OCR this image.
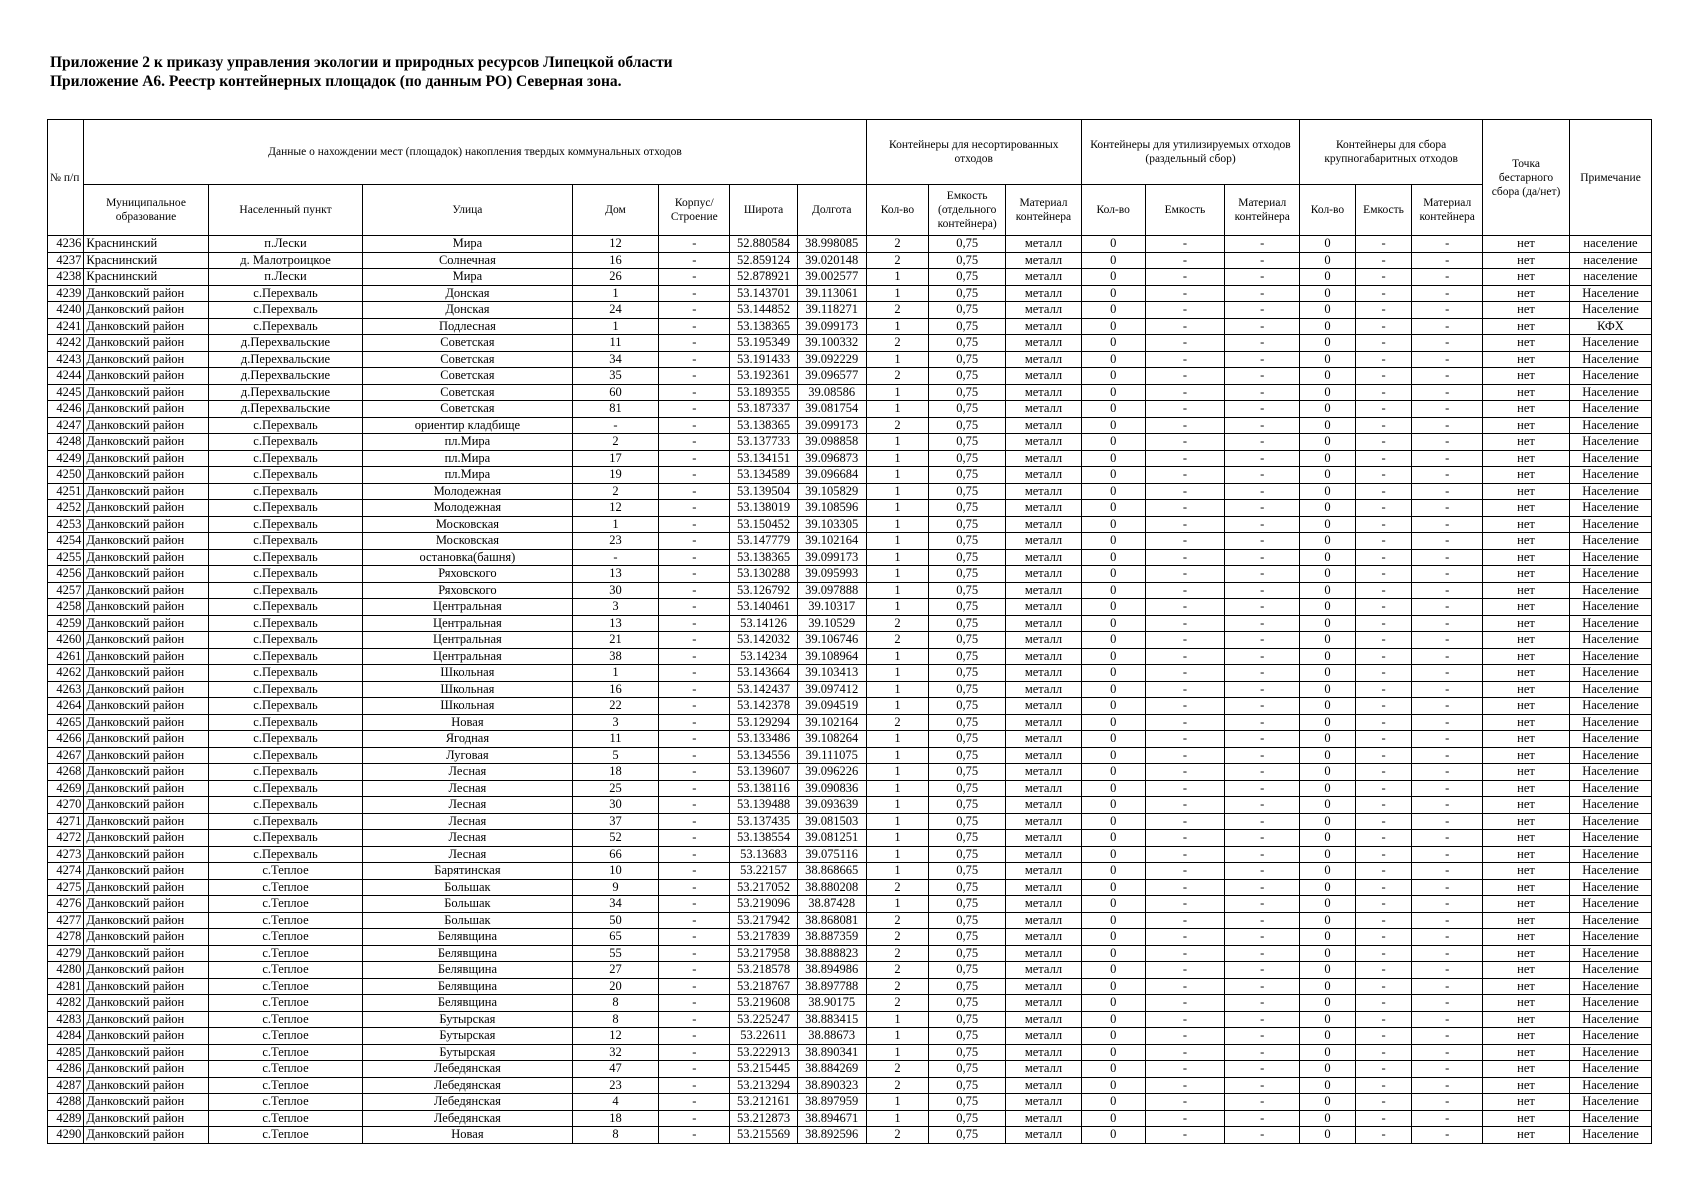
Приложение 2 к приказу управления экологии и природных ресурсов Липецкой области
Приложение А6. Реестр контейнерных площадок (по данным РО) Северная зона.
№ п/п	Данные о нахождении мест (площадок) накопления твердых коммунальных отходов							Контейнеры для несортированных отходов			Контейнеры для утилизируемых отходов (раздельный сбор)			Контейнеры для сбора крупногабаритных отходов			Точка бестарного сбора (да/нет)	Примечание
	Муниципальное образование	Населенный пункт	Улица	Дом	Корпус/ Строение	Широта	Долгота	Кол-во	Емкость (отдельного контейнера)	Материал контейнера	Кол-во	Емкость	Материал контейнера	Кол-во	Емкость	Материал контейнера		
4236	Краснинский	п.Лески	Мира	12	-	52.880584	38.998085	2	0,75	металл	0	-	-	0	-	-	нет	население
4237	Краснинский	д. Малотроицкое	Солнечная	16	-	52.859124	39.020148	2	0,75	металл	0	-	-	0	-	-	нет	население
4238	Краснинский	п.Лески	Мира	26	-	52.878921	39.002577	1	0,75	металл	0	-	-	0	-	-	нет	население
4239	Данковский район	с.Перехваль	Донская	1	-	53.143701	39.113061	1	0,75	металл	0	-	-	0	-	-	нет	Население
4240	Данковский район	с.Перехваль	Донская	24	-	53.144852	39.118271	2	0,75	металл	0	-	-	0	-	-	нет	Население
4241	Данковский район	с.Перехваль	Подлесная	1	-	53.138365	39.099173	1	0,75	металл	0	-	-	0	-	-	нет	КФХ
4242	Данковский район	д.Перехвальские	Советская	11	-	53.195349	39.100332	2	0,75	металл	0	-	-	0	-	-	нет	Население
4243	Данковский район	д.Перехвальские	Советская	34	-	53.191433	39.092229	1	0,75	металл	0	-	-	0	-	-	нет	Население
4244	Данковский район	д.Перехвальские	Советская	35	-	53.192361	39.096577	2	0,75	металл	0	-	-	0	-	-	нет	Население
4245	Данковский район	д.Перехвальские	Советская	60	-	53.189355	39.08586	1	0,75	металл	0	-	-	0	-	-	нет	Население
4246	Данковский район	д.Перехвальские	Советская	81	-	53.187337	39.081754	1	0,75	металл	0	-	-	0	-	-	нет	Население
4247	Данковский район	с.Перехваль	ориентир кладбище	-	-	53.138365	39.099173	2	0,75	металл	0	-	-	0	-	-	нет	Население
4248	Данковский район	с.Перехваль	пл.Мира	2	-	53.137733	39.098858	1	0,75	металл	0	-	-	0	-	-	нет	Население
4249	Данковский район	с.Перехваль	пл.Мира	17	-	53.134151	39.096873	1	0,75	металл	0	-	-	0	-	-	нет	Население
4250	Данковский район	с.Перехваль	пл.Мира	19	-	53.134589	39.096684	1	0,75	металл	0	-	-	0	-	-	нет	Население
4251	Данковский район	с.Перехваль	Молодежная	2	-	53.139504	39.105829	1	0,75	металл	0	-	-	0	-	-	нет	Население
4252	Данковский район	с.Перехваль	Молодежная	12	-	53.138019	39.108596	1	0,75	металл	0	-	-	0	-	-	нет	Население
4253	Данковский район	с.Перехваль	Московская	1	-	53.150452	39.103305	1	0,75	металл	0	-	-	0	-	-	нет	Население
4254	Данковский район	с.Перехваль	Московская	23	-	53.147779	39.102164	1	0,75	металл	0	-	-	0	-	-	нет	Население
4255	Данковский район	с.Перехваль	остановка(башня)	-	-	53.138365	39.099173	1	0,75	металл	0	-	-	0	-	-	нет	Население
4256	Данковский район	с.Перехваль	Ряховского	13	-	53.130288	39.095993	1	0,75	металл	0	-	-	0	-	-	нет	Население
4257	Данковский район	с.Перехваль	Ряховского	30	-	53.126792	39.097888	1	0,75	металл	0	-	-	0	-	-	нет	Население
4258	Данковский район	с.Перехваль	Центральная	3	-	53.140461	39.10317	1	0,75	металл	0	-	-	0	-	-	нет	Население
4259	Данковский район	с.Перехваль	Центральная	13	-	53.14126	39.10529	2	0,75	металл	0	-	-	0	-	-	нет	Население
4260	Данковский район	с.Перехваль	Центральная	21	-	53.142032	39.106746	2	0,75	металл	0	-	-	0	-	-	нет	Население
4261	Данковский район	с.Перехваль	Центральная	38	-	53.14234	39.108964	1	0,75	металл	0	-	-	0	-	-	нет	Население
4262	Данковский район	с.Перехваль	Школьная	1	-	53.143664	39.103413	1	0,75	металл	0	-	-	0	-	-	нет	Население
4263	Данковский район	с.Перехваль	Школьная	16	-	53.142437	39.097412	1	0,75	металл	0	-	-	0	-	-	нет	Население
4264	Данковский район	с.Перехваль	Школьная	22	-	53.142378	39.094519	1	0,75	металл	0	-	-	0	-	-	нет	Население
4265	Данковский район	с.Перехваль	Новая	3	-	53.129294	39.102164	2	0,75	металл	0	-	-	0	-	-	нет	Население
4266	Данковский район	с.Перехваль	Ягодная	11	-	53.133486	39.108264	1	0,75	металл	0	-	-	0	-	-	нет	Население
4267	Данковский район	с.Перехваль	Луговая	5	-	53.134556	39.111075	1	0,75	металл	0	-	-	0	-	-	нет	Население
4268	Данковский район	с.Перехваль	Лесная	18	-	53.139607	39.096226	1	0,75	металл	0	-	-	0	-	-	нет	Население
4269	Данковский район	с.Перехваль	Лесная	25	-	53.138116	39.090836	1	0,75	металл	0	-	-	0	-	-	нет	Население
4270	Данковский район	с.Перехваль	Лесная	30	-	53.139488	39.093639	1	0,75	металл	0	-	-	0	-	-	нет	Население
4271	Данковский район	с.Перехваль	Лесная	37	-	53.137435	39.081503	1	0,75	металл	0	-	-	0	-	-	нет	Население
4272	Данковский район	с.Перехваль	Лесная	52	-	53.138554	39.081251	1	0,75	металл	0	-	-	0	-	-	нет	Население
4273	Данковский район	с.Перехваль	Лесная	66	-	53.13683	39.075116	1	0,75	металл	0	-	-	0	-	-	нет	Население
4274	Данковский район	с.Теплое	Барятинская	10	-	53.22157	38.868665	1	0,75	металл	0	-	-	0	-	-	нет	Население
4275	Данковский район	с.Теплое	Большак	9	-	53.217052	38.880208	2	0,75	металл	0	-	-	0	-	-	нет	Население
4276	Данковский район	с.Теплое	Большак	34	-	53.219096	38.87428	1	0,75	металл	0	-	-	0	-	-	нет	Население
4277	Данковский район	с.Теплое	Большак	50	-	53.217942	38.868081	2	0,75	металл	0	-	-	0	-	-	нет	Население
4278	Данковский район	с.Теплое	Белявщина	65	-	53.217839	38.887359	2	0,75	металл	0	-	-	0	-	-	нет	Население
4279	Данковский район	с.Теплое	Белявщина	55	-	53.217958	38.888823	2	0,75	металл	0	-	-	0	-	-	нет	Население
4280	Данковский район	с.Теплое	Белявщина	27	-	53.218578	38.894986	2	0,75	металл	0	-	-	0	-	-	нет	Население
4281	Данковский район	с.Теплое	Белявщина	20	-	53.218767	38.897788	2	0,75	металл	0	-	-	0	-	-	нет	Население
4282	Данковский район	с.Теплое	Белявщина	8	-	53.219608	38.90175	2	0,75	металл	0	-	-	0	-	-	нет	Население
4283	Данковский район	с.Теплое	Бутырская	8	-	53.225247	38.883415	1	0,75	металл	0	-	-	0	-	-	нет	Население
4284	Данковский район	с.Теплое	Бутырская	12	-	53.22611	38.88673	1	0,75	металл	0	-	-	0	-	-	нет	Население
4285	Данковский район	с.Теплое	Бутырская	32	-	53.222913	38.890341	1	0,75	металл	0	-	-	0	-	-	нет	Население
4286	Данковский район	с.Теплое	Лебедянская	47	-	53.215445	38.884269	2	0,75	металл	0	-	-	0	-	-	нет	Население
4287	Данковский район	с.Теплое	Лебедянская	23	-	53.213294	38.890323	2	0,75	металл	0	-	-	0	-	-	нет	Население
4288	Данковский район	с.Теплое	Лебедянская	4	-	53.212161	38.897959	1	0,75	металл	0	-	-	0	-	-	нет	Население
4289	Данковский район	с.Теплое	Лебедянская	18	-	53.212873	38.894671	1	0,75	металл	0	-	-	0	-	-	нет	Население
4290	Данковский район	с.Теплое	Новая	8	-	53.215569	38.892596	2	0,75	металл	0	-	-	0	-	-	нет	Население
